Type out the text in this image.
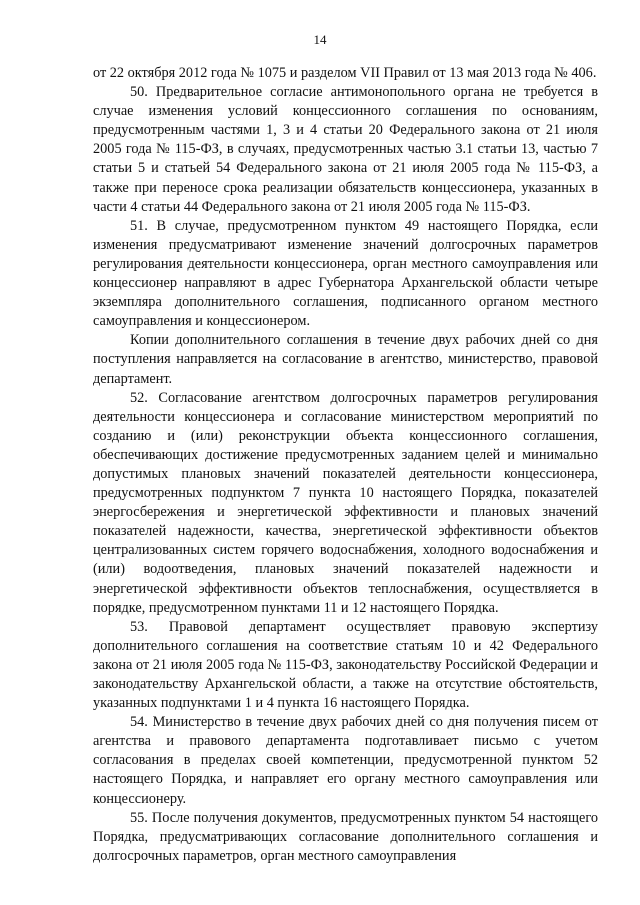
14

от 22 октября 2012 года № 1075 и разделом VII Правил от 13 мая 2013 года № 406.

50. Предварительное согласие антимонопольного органа не требуется в случае изменения условий концессионного соглашения по основаниям, предусмотренным частями 1, 3 и 4 статьи 20 Федерального закона от 21 июля 2005 года № 115-ФЗ, в случаях, предусмотренных частью 3.1 статьи 13, частью 7 статьи 5 и статьей 54 Федерального закона от 21 июля 2005 года № 115-ФЗ, а также при переносе срока реализации обязательств концессионера, указанных в части 4 статьи 44 Федерального закона от 21 июля 2005 года № 115-ФЗ.

51. В случае, предусмотренном пунктом 49 настоящего Порядка, если изменения предусматривают изменение значений долгосрочных параметров регулирования деятельности концессионера, орган местного самоуправления или концессионер направляют в адрес Губернатора Архангельской области четыре экземпляра дополнительного соглашения, подписанного органом местного самоуправления и концессионером.

Копии дополнительного соглашения в течение двух рабочих дней со дня поступления направляется на согласование в агентство, министерство, правовой департамент.

52. Согласование агентством долгосрочных параметров регулирования деятельности концессионера и согласование министерством мероприятий по созданию и (или) реконструкции объекта концессионного соглашения, обеспечивающих достижение предусмотренных заданием целей и минимально допустимых плановых значений показателей деятельности концессионера, предусмотренных подпунктом 7 пункта 10 настоящего Порядка, показателей энергосбережения и энергетической эффективности и плановых значений показателей надежности, качества, энергетической эффективности объектов централизованных систем горячего водоснабжения, холодного водоснабжения и (или) водоотведения, плановых значений показателей надежности и энергетической эффективности объектов теплоснабжения, осуществляется в порядке, предусмотренном пунктами 11 и 12 настоящего Порядка.

53. Правовой департамент осуществляет правовую экспертизу дополнительного соглашения на соответствие статьям 10 и 42 Федерального закона от 21 июля 2005 года № 115-ФЗ, законодательству Российской Федерации и законодательству Архангельской области, а также на отсутствие обстоятельств, указанных подпунктами 1 и 4 пункта 16 настоящего Порядка.

54. Министерство в течение двух рабочих дней со дня получения писем от агентства и правового департамента подготавливает письмо с учетом согласования в пределах своей компетенции, предусмотренной пунктом 52 настоящего Порядка, и направляет его органу местного самоуправления или концессионеру.

55. После получения документов, предусмотренных пунктом 54 настоящего Порядка, предусматривающих согласование дополнительного соглашения и долгосрочных параметров, орган местного самоуправления
